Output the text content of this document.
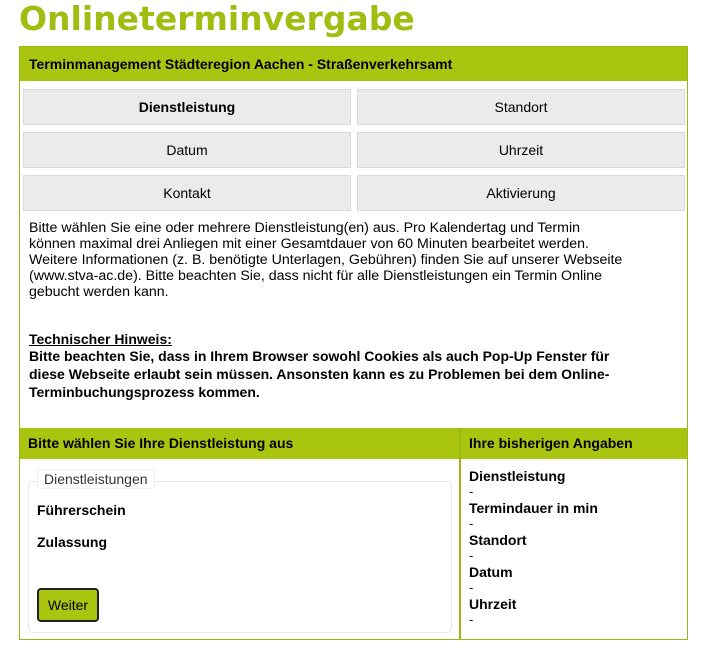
Onlineterminvergabe
Terminmanagement Städteregion Aachen - Straßenverkehrsamt
Dienstleistung	Standort
Datum	Uhrzeit
Kontakt	Aktivierung
Bitte wählen Sie eine oder mehrere Dienstleistung(en) aus. Pro Kalendertag und Termin
können maximal drei Anliegen mit einer Gesamtdauer von 60 Minuten bearbeitet werden.
Weitere Informationen (z. B. benötigte Unterlagen, Gebühren) finden Sie auf unserer Webseite
(www.stva-ac.de). Bitte beachten Sie, dass nicht für alle Dienstleistungen ein Termin Online
gebucht werden kann.
Technischer Hinweis:
Bitte beachten Sie, dass in Ihrem Browser sowohl Cookies als auch Pop-Up Fenster für
diese Webseite erlaubt sein müssen. Ansonsten kann es zu Problemen bei dem Online-
Terminbuchungsprozess kommen.
Bitte wählen Sie Ihre Dienstleistung aus	Ihre bisherigen Angaben
Dienstleistungen
Führerschein
Zulassung
Weiter
Dienstleistung
-
Termindauer in min
-
Standort
-
Datum
-
Uhrzeit
-
